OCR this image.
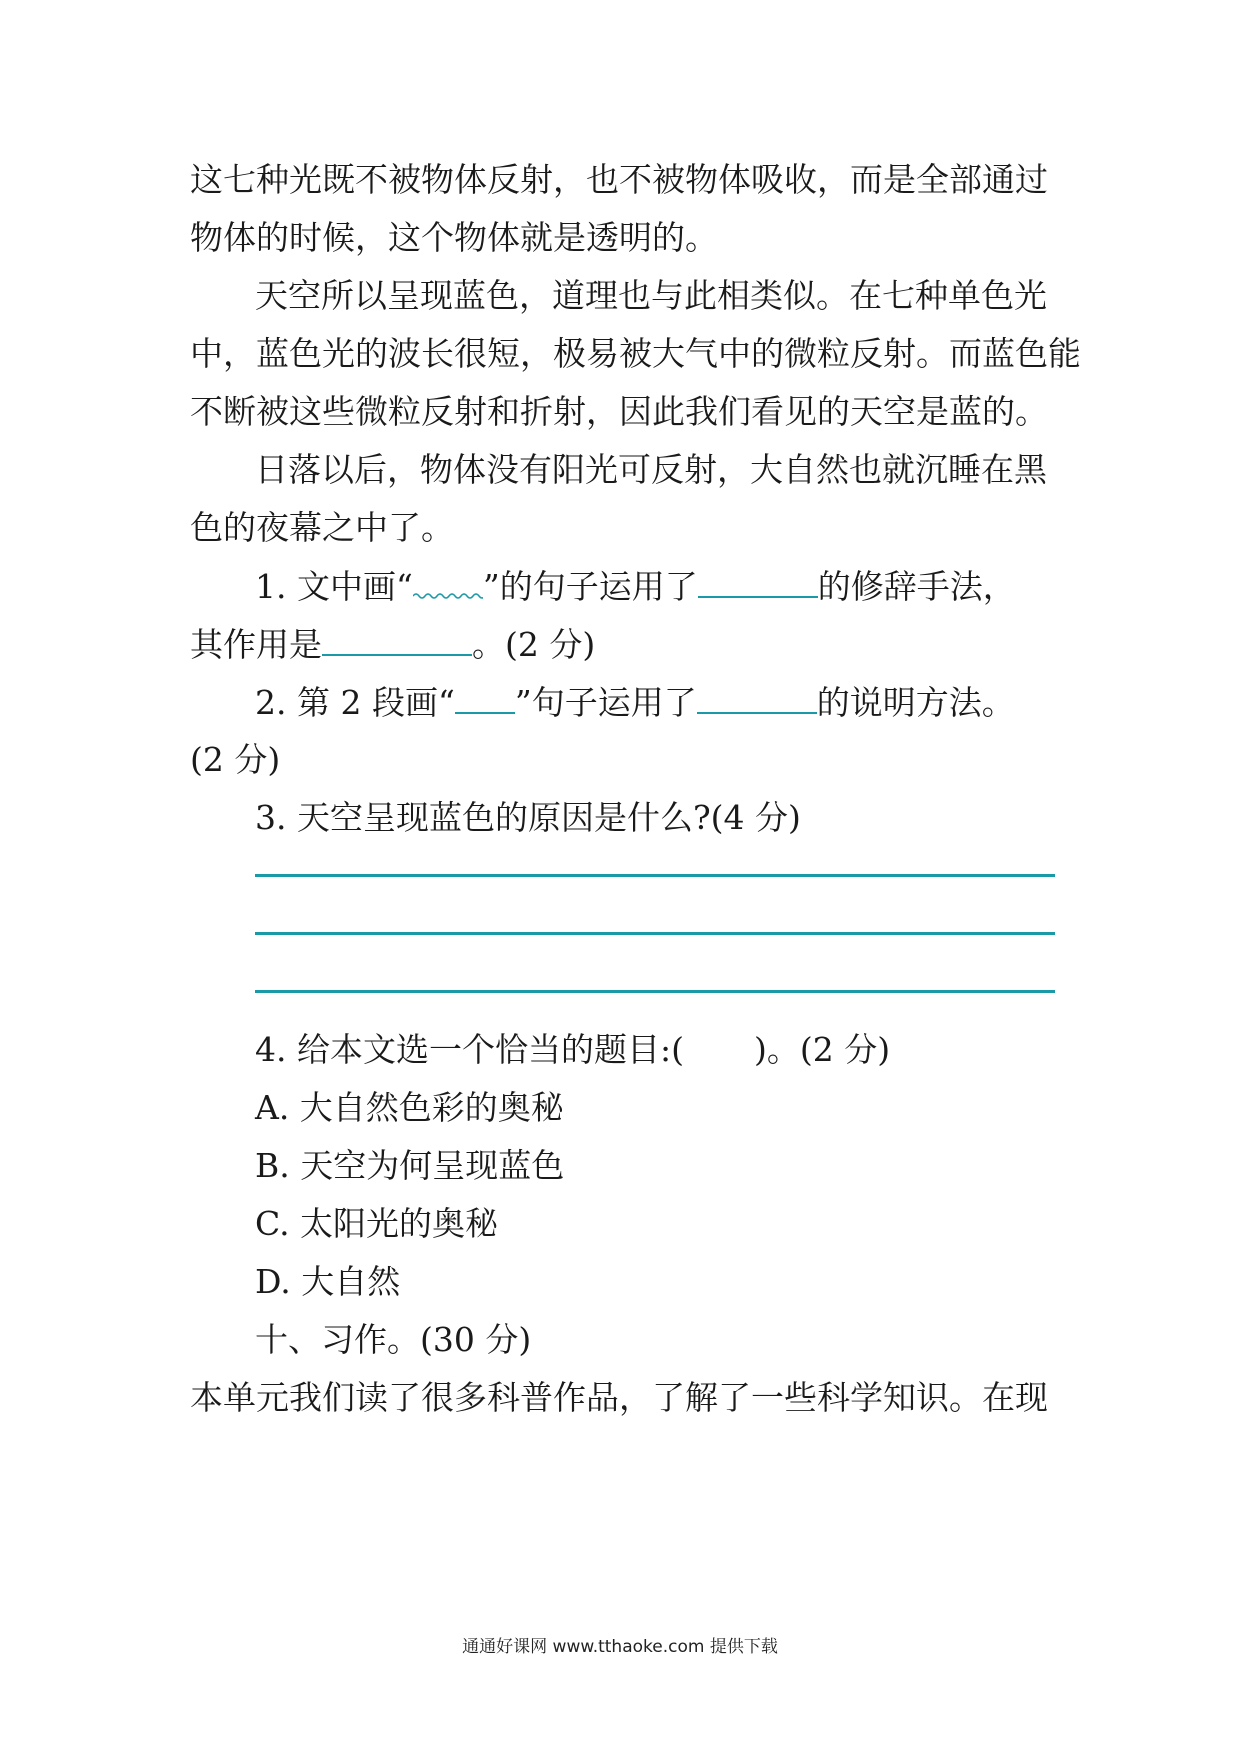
这七种光既不被物体反射，也不被物体吸收，而是全部通过
物体的时候，这个物体就是透明的。
天空所以呈现蓝色，道理也与此相类似。在七种单色光
中，蓝色光的波长很短，极易被大气中的微粒反射。而蓝色能
不断被这些微粒反射和折射，因此我们看见的天空是蓝的。
日落以后，物体没有阳光可反射，大自然也就沉睡在黑
色的夜幕之中了。
1. 文中画“ ”的句子运用了	的修辞手法，
其作用是	。(2 分)
2. 第 2 段画“ ”句子运用了	的说明方法。
(2 分)
3. 天空呈现蓝色的原因是什么?(4 分)
4. 给本文选一个恰当的题目:( )。(2 分)
A. 大自然色彩的奥秘
B. 天空为何呈现蓝色
C. 太阳光的奥秘
D. 大自然
十、习作。(30 分)
本单元我们读了很多科普作品，了解了一些科学知识。在现
通通好课网 www.tthaoke.com 提供下载
